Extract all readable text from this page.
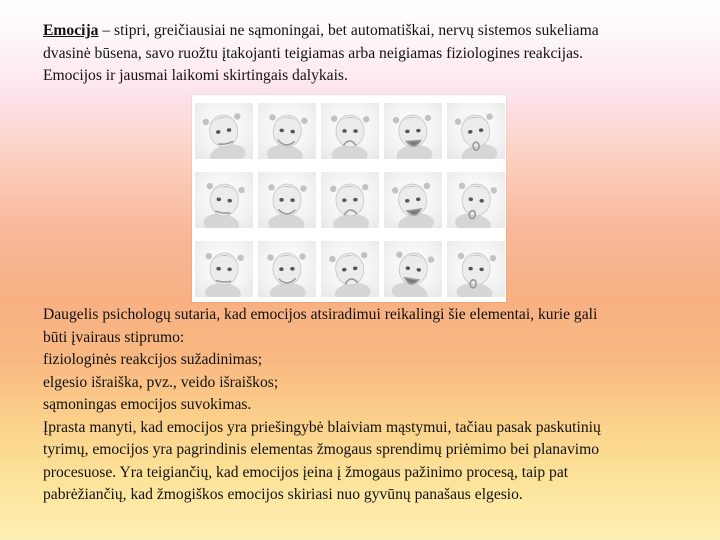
Emocija – stipri, greičiausiai ne sąmoningai, bet automatiškai, nervų sistemos sukeliama
dvasinė būsena, savo ruožtu įtakojanti teigiamas arba neigiamas fiziologines reakcijas.
Emocijos ir jausmai laikomi skirtingais dalykais.
Daugelis psichologų sutaria, kad emocijos atsiradimui reikalingi šie elementai, kurie gali
būti įvairaus stiprumo:
fiziologinės reakcijos sužadinimas;
elgesio išraiška, pvz., veido išraiškos;
sąmoningas emocijos suvokimas.
Įprasta manyti, kad emocijos yra priešingybė blaiviam mąstymui, tačiau pasak paskutinių
tyrimų, emocijos yra pagrindinis elementas žmogaus sprendimų priėmimo bei planavimo
procesuose. Yra teigiančių, kad emocijos įeina į žmogaus pažinimo procesą, taip pat
pabrėžiančių, kad žmogiškos emocijos skiriasi nuo gyvūnų panašaus elgesio.
